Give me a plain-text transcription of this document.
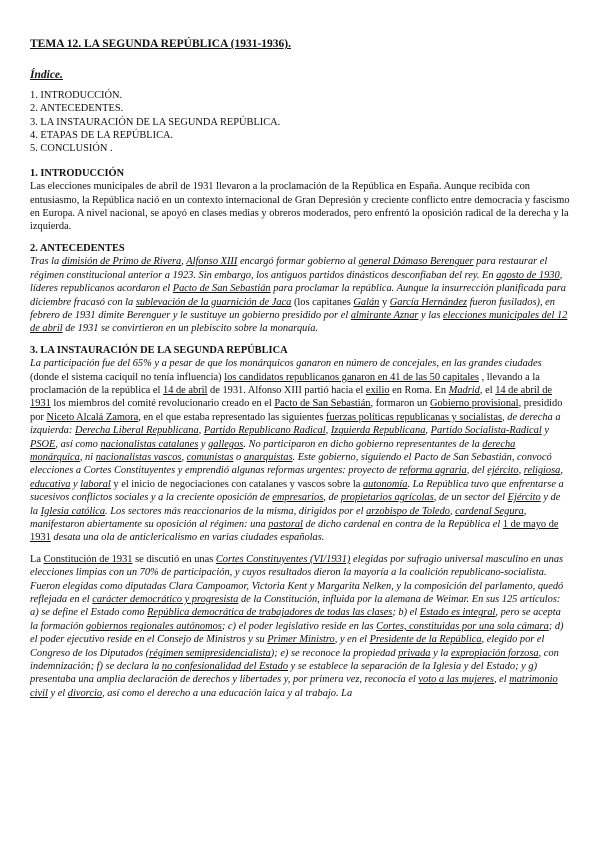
TEMA 12. LA SEGUNDA REPÚBLICA (1931-1936).
Índice.
1. INTRODUCCIÓN.
2. ANTECEDENTES.
3. LA INSTAURACIÓN DE LA SEGUNDA REPÚBLICA.
4. ETAPAS DE LA REPÚBLICA.
5. CONCLUSIÓN .
1. INTRODUCCIÓN
Las elecciones municipales de abril de 1931 llevaron a la proclamación de la República en España. Aunque recibida con entusiasmo, la República nació en un contexto internacional de Gran Depresión y creciente conflicto entre democracia y fascismo en Europa. A nivel nacional, se apoyó en clases medias y obreros moderados, pero enfrentó la oposición radical de la derecha y la izquierda.
2. ANTECEDENTES
Tras la dimisión de Primo de Rivera, Alfonso XIII encargó formar gobierno al general Dámaso Berenguer para restaurar el régimen constitucional anterior a 1923. Sin embargo, los antiguos partidos dinásticos desconfiaban del rey. En agosto de 1930, líderes republicanos acordaron el Pacto de San Sebastián para proclamar la república. Aunque la insurrección planificada para diciembre fracasó con la sublevación de la guarnición de Jaca (los capitanes Galán y García Hernández fueron fusilados), en febrero de 1931 dimite Berenguer y le sustituye un gobierno presidido por el almirante Aznar y las elecciones municipales del 12 de abril de 1931 se convirtieron en un plebiscito sobre la monarquía.
3. LA INSTAURACIÓN DE LA SEGUNDA REPÚBLICA
La participación fue del 65% y a pesar de que los monárquicos ganaron en número de concejales, en las grandes ciudades (donde el sistema caciquil no tenía influencia) los candidatos republicanos ganaron en 41 de las 50 capitales , llevando a la proclamación de la república el 14 de abril de 1931. Alfonso XIII partió hacia el exilio en Roma. En Madrid, el 14 de abril de 1931 los miembros del comité revolucionario creado en el Pacto de San Sebastián, formaron un Gobierno provisional, presidido por Niceto Alcalá Zamora, en el que estaba representado las siguientes fuerzas políticas republicanas y socialistas, de derecha a izquierda: Derecha Liberal Republicana, Partido Republicano Radical, Izquierda Republicana, Partido Socialista-Radical y PSOE, así como nacionalistas catalanes y gallegos. No participaron en dicho gobierno representantes de la derecha monárquica, ni nacionalistas vascos, comunistas o anarquistas. Este gobierno, siguiendo el Pacto de San Sebastián, convocó elecciones a Cortes Constituyentes y emprendió algunas reformas urgentes: proyecto de reforma agraria, del ejército, religiosa, educativa y laboral y el inicio de negociaciones con catalanes y vascos sobre la autonomía. La República tuvo que enfrentarse a sucesivos conflictos sociales y a la creciente oposición de empresarios, de propietarios agrícolas, de un sector del Ejército y de la Iglesia católica. Los sectores más reaccionarios de la misma, dirigidos por el arzobispo de Toledo, cardenal Segura, manifestaron abiertamente su oposición al régimen: una pastoral de dicho cardenal en contra de la República el 1 de mayo de 1931 desata una ola de anticlericalismo en varias ciudades españolas.
La Constitución de 1931 se discutió en unas Cortes Constituyentes (VI/1931) elegidas por sufragio universal masculino en unas elecciones limpias con un 70% de participación, y cuyos resultados dieron la mayoría a la coalición republicano-socialista. Fueron elegidas como diputadas Clara Campoamor, Victoria Kent y Margarita Nelken, y la composición del parlamento, quedó reflejada en el carácter democrático y progresista de la Constitución, influida por la alemana de Weimar. En sus 125 artículos: a) se define el Estado como República democrática de trabajadores de todas las clases; b) el Estado es integral, pero se acepta la formación gobiernos regionales autónomos; c) el poder legislativo reside en las Cortes, constituidas por una sola cámara; d) el poder ejecutivo reside en el Consejo de Ministros y su Primer Ministro, y en el Presidente de la República, elegido por el Congreso de los Diputados (régimen semipresidencialista); e) se reconoce la propiedad privada y la expropiación forzosa, con indemnización; f) se declara la no confesionalidad del Estado y se establece la separación de la Iglesia y del Estado; y g) presentaba una amplia declaración de derechos y libertades y, por primera vez, reconocía el voto a las mujeres, el matrimonio civil y el divorcio, así como el derecho a una educación laica y al trabajo. La
